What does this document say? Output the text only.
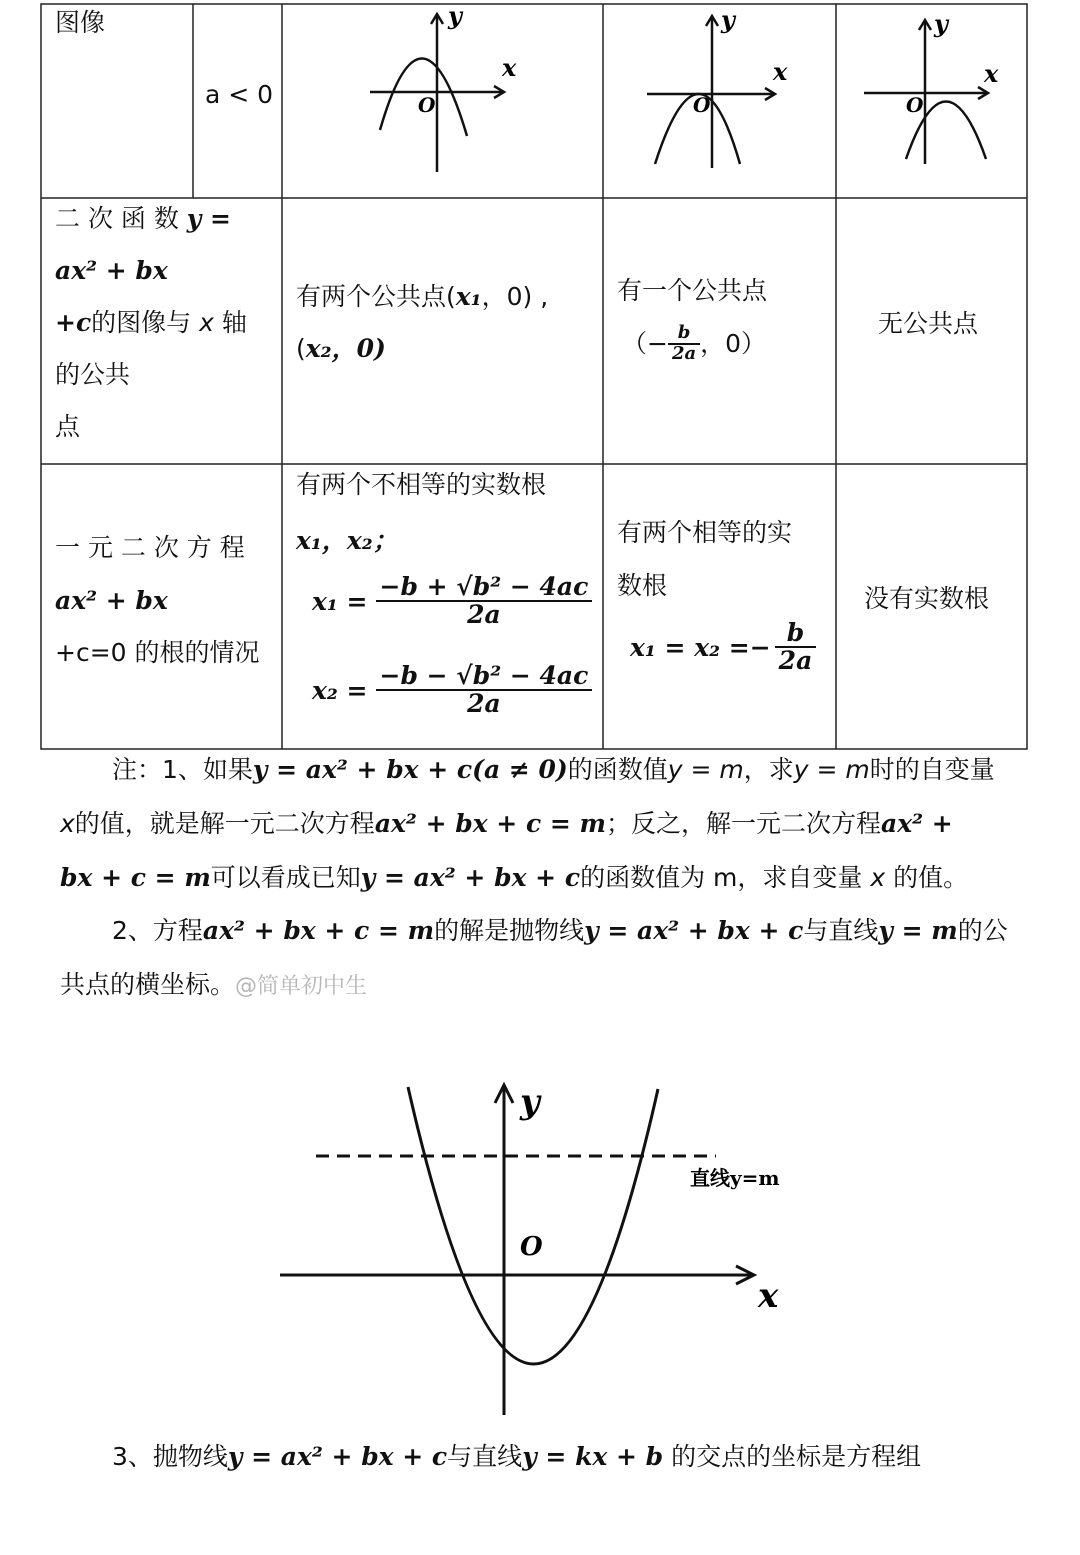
图像
a < 0
y
x
O
y
x
O
y
x
O
二 次 函 数 y =
ax² + bx
+c的图像与 x 轴
的公共
点
有两个公共点(x₁，0) ,
(x₂，0)
有一个公共点
（− $\frac{b}{2a}$ ，0）
无公共点
一 元 二 次 方 程
ax² + bx
+c=0 的根的情况
有两个不相等的实数根
x₁，x₂；
$x_1 = \frac{\text{−b + √b² − 4ac}}{2a}$
$x_2 = \frac{\text{−b − √b² − 4ac}}{2a}$
有两个相等的实
数根
$x_1 = x_2 =- \frac{b}{2a}$
没有实数根
注：1、如果y = ax² + bx + c(a ≠ 0)的函数值y = m，求y = m时的自变量
x的值，就是解一元二次方程ax² + bx + c = m；反之，解一元二次方程ax² +
bx + c = m可以看成已知y = ax² + bx + c的函数值为 m，求自变量 x 的值。
2、方程ax² + bx + c = m的解是抛物线y = ax² + bx + c与直线y = m的公
共点的横坐标。@简单初中生
y
x
O
直线y=m
3、抛物线y = ax² + bx + c与直线y = kx + b 的交点的坐标是方程组
